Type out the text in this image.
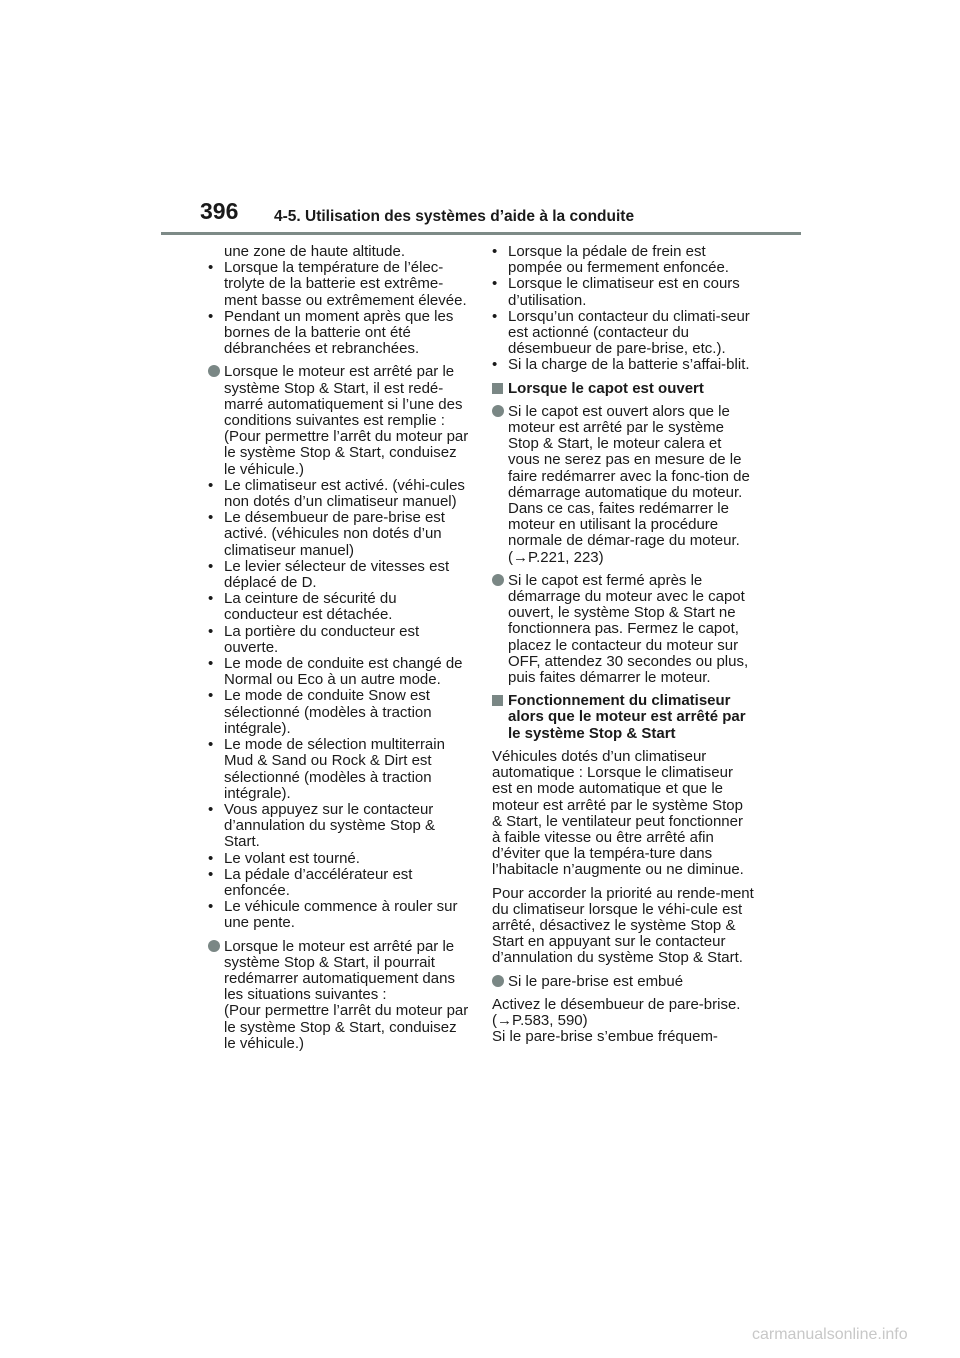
396 4-5. Utilisation des systèmes d’aide à la conduite

une zone de haute altitude.

• Lorsque la température de l’élec-trolyte de la batterie est extrême-ment basse ou extrêmement élevée.

• Pendant un moment après que les bornes de la batterie ont été débranchées et rebranchées.

Lorsque le moteur est arrêté par le système Stop & Start, il est redé-marré automatiquement si l’une des conditions suivantes est remplie :

(Pour permettre l’arrêt du moteur par le système Stop & Start, conduisez le véhicule.)

• Le climatiseur est activé. (véhi-cules non dotés d’un climatiseur manuel)

• Le désembueur de pare-brise est activé. (véhicules non dotés d’un climatiseur manuel)

• Le levier sélecteur de vitesses est déplacé de D.

• La ceinture de sécurité du conducteur est détachée.

• La portière du conducteur est ouverte.

• Le mode de conduite est changé de Normal ou Eco à un autre mode.

• Le mode de conduite Snow est sélectionné (modèles à traction intégrale).

• Le mode de sélection multiterrain Mud & Sand ou Rock & Dirt est sélectionné (modèles à traction intégrale).

• Vous appuyez sur le contacteur d’annulation du système Stop & Start.

• Le volant est tourné.

• La pédale d’accélérateur est enfoncée.

• Le véhicule commence à rouler sur une pente.

Lorsque le moteur est arrêté par le système Stop & Start, il pourrait redémarrer automatiquement dans les situations suivantes :

(Pour permettre l’arrêt du moteur par le système Stop & Start, conduisez le véhicule.)

• Lorsque la pédale de frein est pompée ou fermement enfoncée.

• Lorsque le climatiseur est en cours d’utilisation.

• Lorsqu’un contacteur du climati-seur est actionné (contacteur du désembueur de pare-brise, etc.).

• Si la charge de la batterie s’affai-blit.

Lorsque le capot est ouvert

Si le capot est ouvert alors que le moteur est arrêté par le système Stop & Start, le moteur calera et vous ne serez pas en mesure de le faire redémarrer avec la fonc-tion de démarrage automatique du moteur. Dans ce cas, faites redémarrer le moteur en utilisant la procédure normale de démar-rage du moteur. (→P.221, 223)

Si le capot est fermé après le démarrage du moteur avec le capot ouvert, le système Stop & Start ne fonctionnera pas. Fermez le capot, placez le contacteur du moteur sur OFF, attendez 30 secondes ou plus, puis faites démarrer le moteur.

Fonctionnement du climatiseur alors que le moteur est arrêté par le système Stop & Start

Véhicules dotés d’un climatiseur automatique : Lorsque le climatiseur est en mode automatique et que le moteur est arrêté par le système Stop & Start, le ventilateur peut fonctionner à faible vitesse ou être arrêté afin d’éviter que la tempéra-ture dans l’habitacle n’augmente ou ne diminue.

Pour accorder la priorité au rende-ment du climatiseur lorsque le véhi-cule est arrêté, désactivez le système Stop & Start en appuyant sur le contacteur d’annulation du système Stop & Start.

Si le pare-brise est embué

Activez le désembueur de pare-brise. (→P.583, 590)

Si le pare-brise s’embue fréquem-

carmanualsonline.info
